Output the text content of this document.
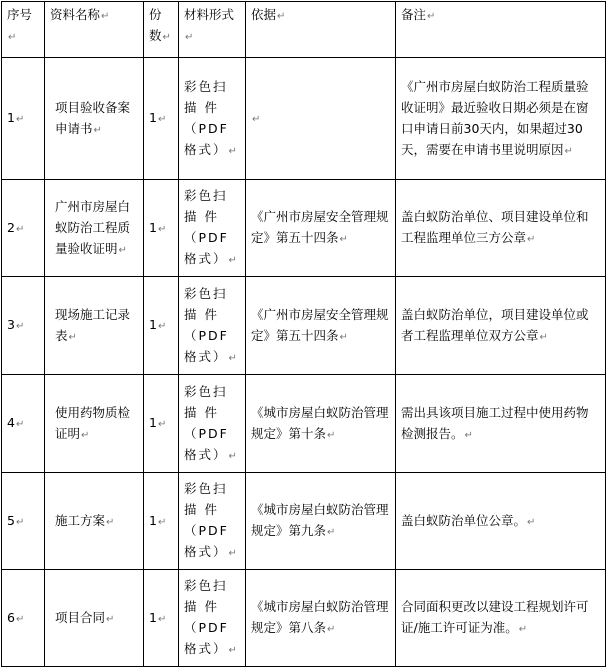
序号↵	资料名称↵	份数↵	材料形式↵	依据↵	备注↵
1↵	项目验收备案申请书↵	1↵	彩色扫描 件（PDF格式）↵	↵	《广州市房屋白蚁防治工程质量验收证明》最近验收日期必须是在窗口申请日前30天内，如果超过30天，需要在申请书里说明原因↵
2↵	广州市房屋白蚁防治工程质量验收证明↵	1↵	彩色扫描 件（PDF格式）↵	《广州市房屋安全管理规定》第五十四条↵	盖白蚁防治单位、项目建设单位和工程监理单位三方公章↵
3↵	现场施工记录表↵	1↵	彩色扫描 件（PDF格式）↵	《广州市房屋安全管理规定》第五十四条↵	盖白蚁防治单位，项目建设单位或者工程监理单位双方公章↵
4↵	使用药物质检证明↵	1↵	彩色扫描 件（PDF格式）↵	《城市房屋白蚁防治管理规定》第十条↵	需出具该项目施工过程中使用药物检测报告。↵
5↵	施工方案↵	1↵	彩色扫描 件（PDF格式）↵	《城市房屋白蚁防治管理规定》第九条↵	盖白蚁防治单位公章。↵
6↵	项目合同↵	1↵	彩色扫描 件（PDF格式）↵	《城市房屋白蚁防治管理规定》第八条↵	合同面积更改以建设工程规划许可证/施工许可证为准。↵
